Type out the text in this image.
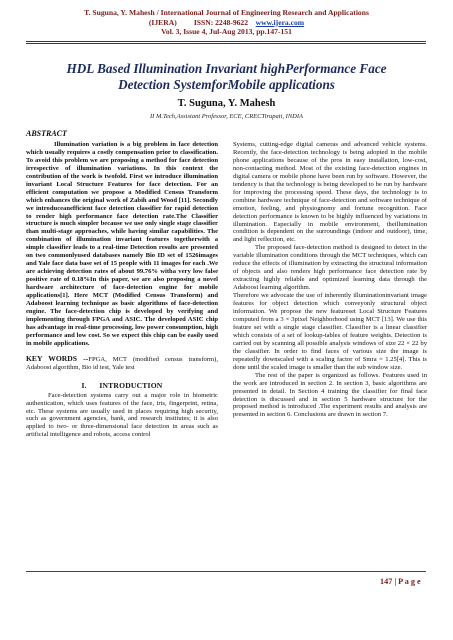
T. Suguna, Y. Mahesh / International Journal of Engineering Research and Applications
(IJERA) ISSN: 2248-9622 www.ijera.com
Vol. 3, Issue 4, Jul-Aug 2013, pp.147-151
HDL Based Illumination Invariant highPerformance Face
Detection SystemforMobile applications
T. Suguna, Y. Mahesh
II M.Tech,Assistant Professor, ECE, CRECTirupati, INDIA
ABSTRACT

Illumination variation is a big problem in face detection which usually requires a costly compensation prior to classification. To avoid this problem we are proposing a method for face detection irrespective of illumination variations. In this context the contribution of the work is twofold. First we introduce illumination invariant Local Structure Features for face detection. For an efficient computation we propose a Modified Census Transform which enhances the original work of Zabih and Wood [11]. Secondly we introduceanefficient face detection classifier for rapid detection to render high performance face detection rate.The Classifier structure is much simpler because we use only single stage classifier than multi-stage approaches, while having similar capabilities. The combination of illumination invariant features togetherwith a simple classifier leads to a real-time Detection results are presented on two commonlyused databases namely Bio ID set of 1526images and Yale face data base set of 15 people with 11 images for each .We are achieving detection rates of about 99.76% witha very low false positive rate of 0.18%In this paper, we are also proposing a novel hardware architecture of face-detection engine for mobile applications[1]. Here MCT (Modified Census Transform) and Adaboost learning technique as basic algorithms of face-detection engine. The face-detection chip is developed by verifying and implementing through FPGA and ASIC. The developed ASIC chip has advantage in real-time processing, low power consumption, high performance and low cost. So we expect this chip can be easily used in mobile applications.

KEY WORDS --FPGA, MCT (modified census transform), Adaboost algorithm, Bio id test, Yale test

I.      INTRODUCTION

Face-detection systems carry out a major role in biometric authentication, which uses features of the face, iris, fingerprint, retina, etc. These systems are usually used in places requiring high security, such as government agencies, bank, and research institutes; it is also applied to two- or three-dimensional face detection in areas such as artificial intelligence and robots, access control

Systems, cutting-edge digital cameras and advanced vehicle systems. Recently, the face-detection technology is being adopted in the mobile phone applications because of the pros in easy installation, low-cost, non-contacting method. Most of the existing face-detection engines in digital camera or mobile phone have been run by software. However, the tendency is that the technology is being developed to be run by hardware for improving the processing speed. These days, the technology is to combine hardware technique of face-detection and software technique of emotion, feeling, and physiognomy and fortune recognition. Face detection performance is known to be highly influenced by variations in illumination. Especially in mobile environment, theillumination condition is dependent on the surroundings (indoor and outdoor), time, and light reflection, etc.

The proposed face-detection method is designed to detect in the variable illumination conditions through the MCT techniques, which can reduce the effects of illumination by extracting the structural information of objects and also renders high performance face detection rate by extracting highly reliable and optimized learning data through the Adaboost learning algorithm.

Therefore we advocate the use of inherently illuminationinvariant image features for object detection which conveyonly structural object information. We propose the new featureset Local Structure Features computed from a 3 × 3pixel Neighborhood using MCT [13]. We use this feature set with a single stage classifier. Classifier is a linear classifier which consists of a set of lookup-tables of feature weights. Detection is carried out by scanning all possible analysis windows of size 22 × 22 by the classifier. In order to find faces of various size the image is repeatedly downscaled with a scaling factor of Smra = 1.25[4]. This is done until the scaled image is smaller than the sub window size.

The rest of the paper is organized as follows. Features used in the work are introduced in section 2. In section 3, basic algorithms are presented in detail. In Section 4 training the classifier for final face detection is discussed and in section 5 hardware structure for the proposed method is introduced .The experiment results and analysis are presented in section 6. Conclusions are drawn in section 7.

147 | P a g e
